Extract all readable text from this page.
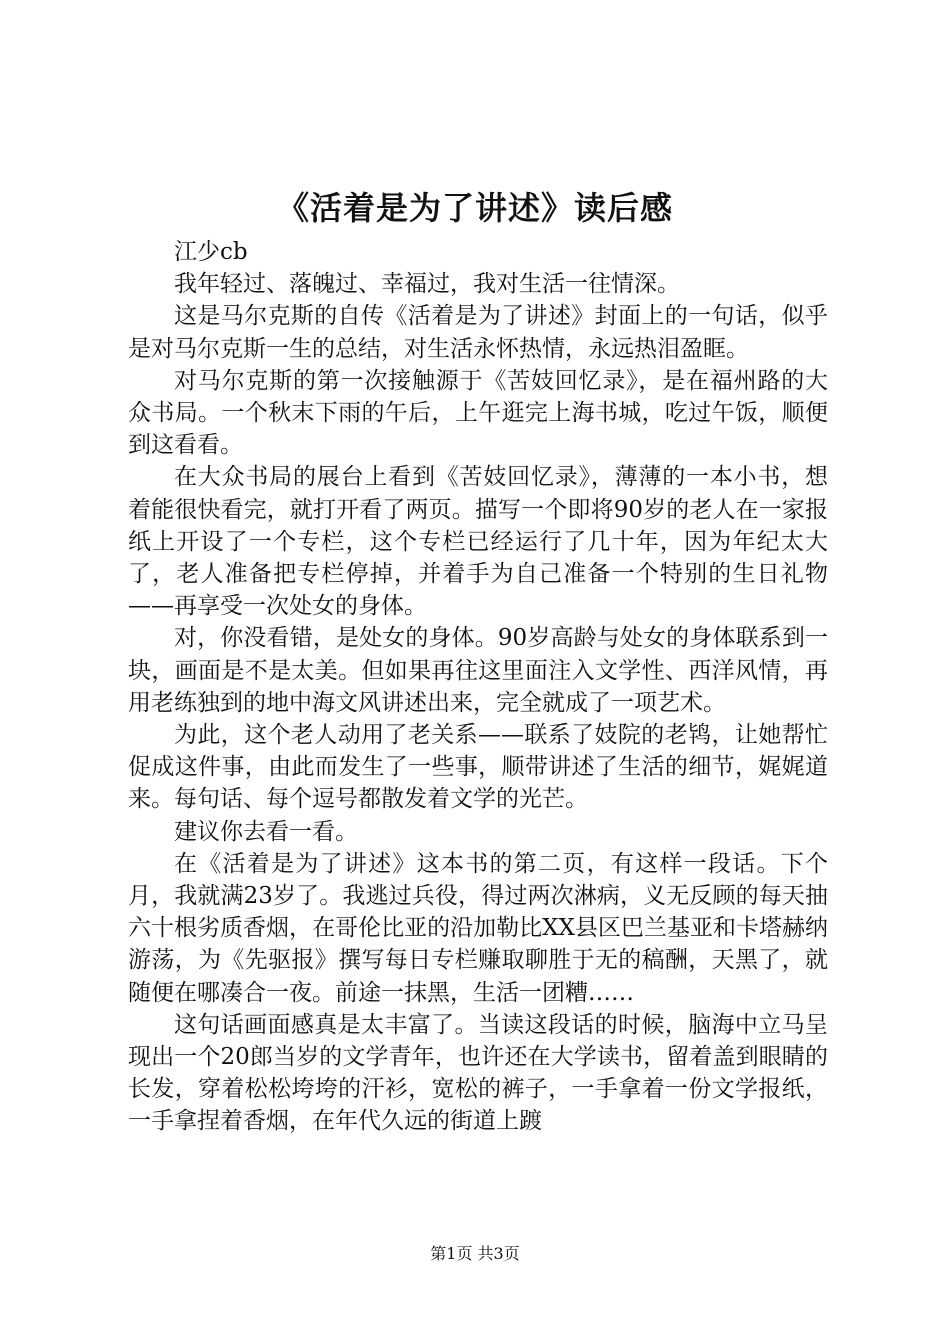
《活着是为了讲述》读后感

江少cb

我年轻过、落魄过、幸福过，我对生活一往情深。

这是马尔克斯的自传《活着是为了讲述》封面上的一句话，似乎是对马尔克斯一生的总结，对生活永怀热情，永远热泪盈眶。

对马尔克斯的第一次接触源于《苦妓回忆录》，是在福州路的大众书局。一个秋末下雨的午后，上午逛完上海书城，吃过午饭，顺便到这看看。

在大众书局的展台上看到《苦妓回忆录》，薄薄的一本小书，想着能很快看完，就打开看了两页。描写一个即将90岁的老人在一家报纸上开设了一个专栏，这个专栏已经运行了几十年，因为年纪太大了，老人准备把专栏停掉，并着手为自己准备一个特别的生日礼物——再享受一次处女的身体。

对，你没看错，是处女的身体。90岁高龄与处女的身体联系到一块，画面是不是太美。但如果再往这里面注入文学性、西洋风情，再用老练独到的地中海文风讲述出来，完全就成了一项艺术。

为此，这个老人动用了老关系——联系了妓院的老鸨，让她帮忙促成这件事，由此而发生了一些事，顺带讲述了生活的细节，娓娓道来。每句话、每个逗号都散发着文学的光芒。

建议你去看一看。

在《活着是为了讲述》这本书的第二页，有这样一段话。下个月，我就满23岁了。我逃过兵役，得过两次淋病，义无反顾的每天抽六十根劣质香烟，在哥伦比亚的沿加勒比XX县区巴兰基亚和卡塔赫纳游荡，为《先驱报》撰写每日专栏赚取聊胜于无的稿酬，天黑了，就随便在哪凑合一夜。前途一抹黑，生活一团糟……

这句话画面感真是太丰富了。当读这段话的时候，脑海中立马呈现出一个20郎当岁的文学青年，也许还在大学读书，留着盖到眼睛的长发，穿着松松垮垮的汗衫，宽松的裤子，一手拿着一份文学报纸，一手拿捏着香烟，在年代久远的街道上踱

第1页 共3页
